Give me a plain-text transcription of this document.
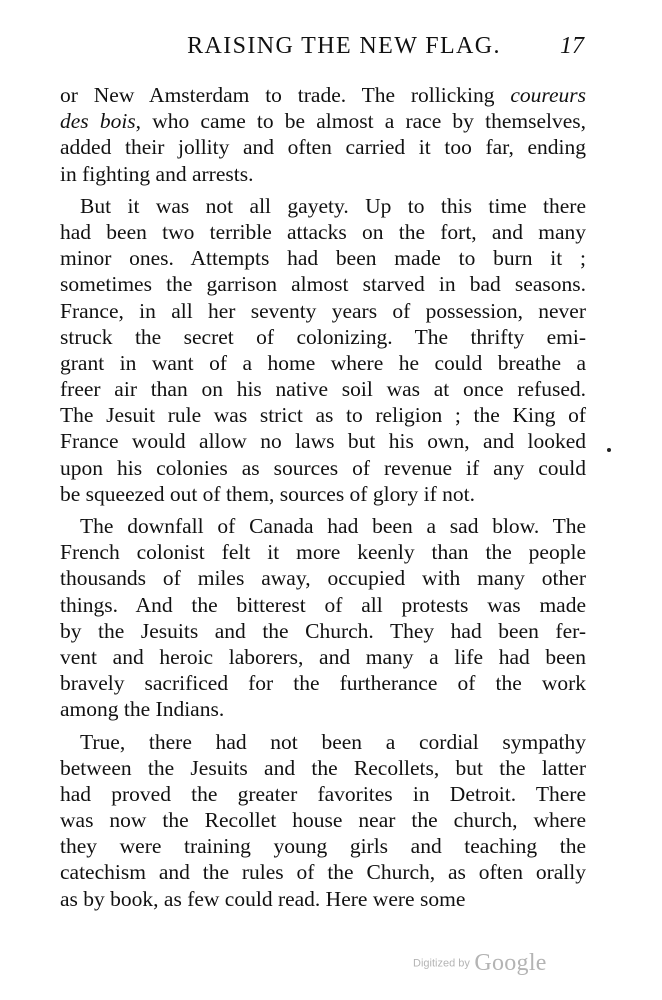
RAISING THE NEW FLAG.	17
or New Amsterdam to trade. The rollicking coureurs
des bois, who came to be almost a race by themselves,
added their jollity and often carried it too far, ending
in fighting and arrests.
But it was not all gayety. Up to this time there
had been two terrible attacks on the fort, and many
minor ones. Attempts had been made to burn it ;
sometimes the garrison almost starved in bad seasons.
France, in all her seventy years of possession, never
struck the secret of colonizing. The thrifty emi-
grant in want of a home where he could breathe a
freer air than on his native soil was at once refused.
The Jesuit rule was strict as to religion ; the King of
France would allow no laws but his own, and looked
upon his colonies as sources of revenue if any could
be squeezed out of them, sources of glory if not.
The downfall of Canada had been a sad blow. The
French colonist felt it more keenly than the people
thousands of miles away, occupied with many other
things. And the bitterest of all protests was made
by the Jesuits and the Church. They had been fer-
vent and heroic laborers, and many a life had been
bravely sacrificed for the furtherance of the work
among the Indians.
True, there had not been a cordial sympathy
between the Jesuits and the Recollets, but the latter
had proved the greater favorites in Detroit. There
was now the Recollet house near the church, where
they were training young girls and teaching the
catechism and the rules of the Church, as often orally
as by book, as few could read. Here were some
Digitized by Google
